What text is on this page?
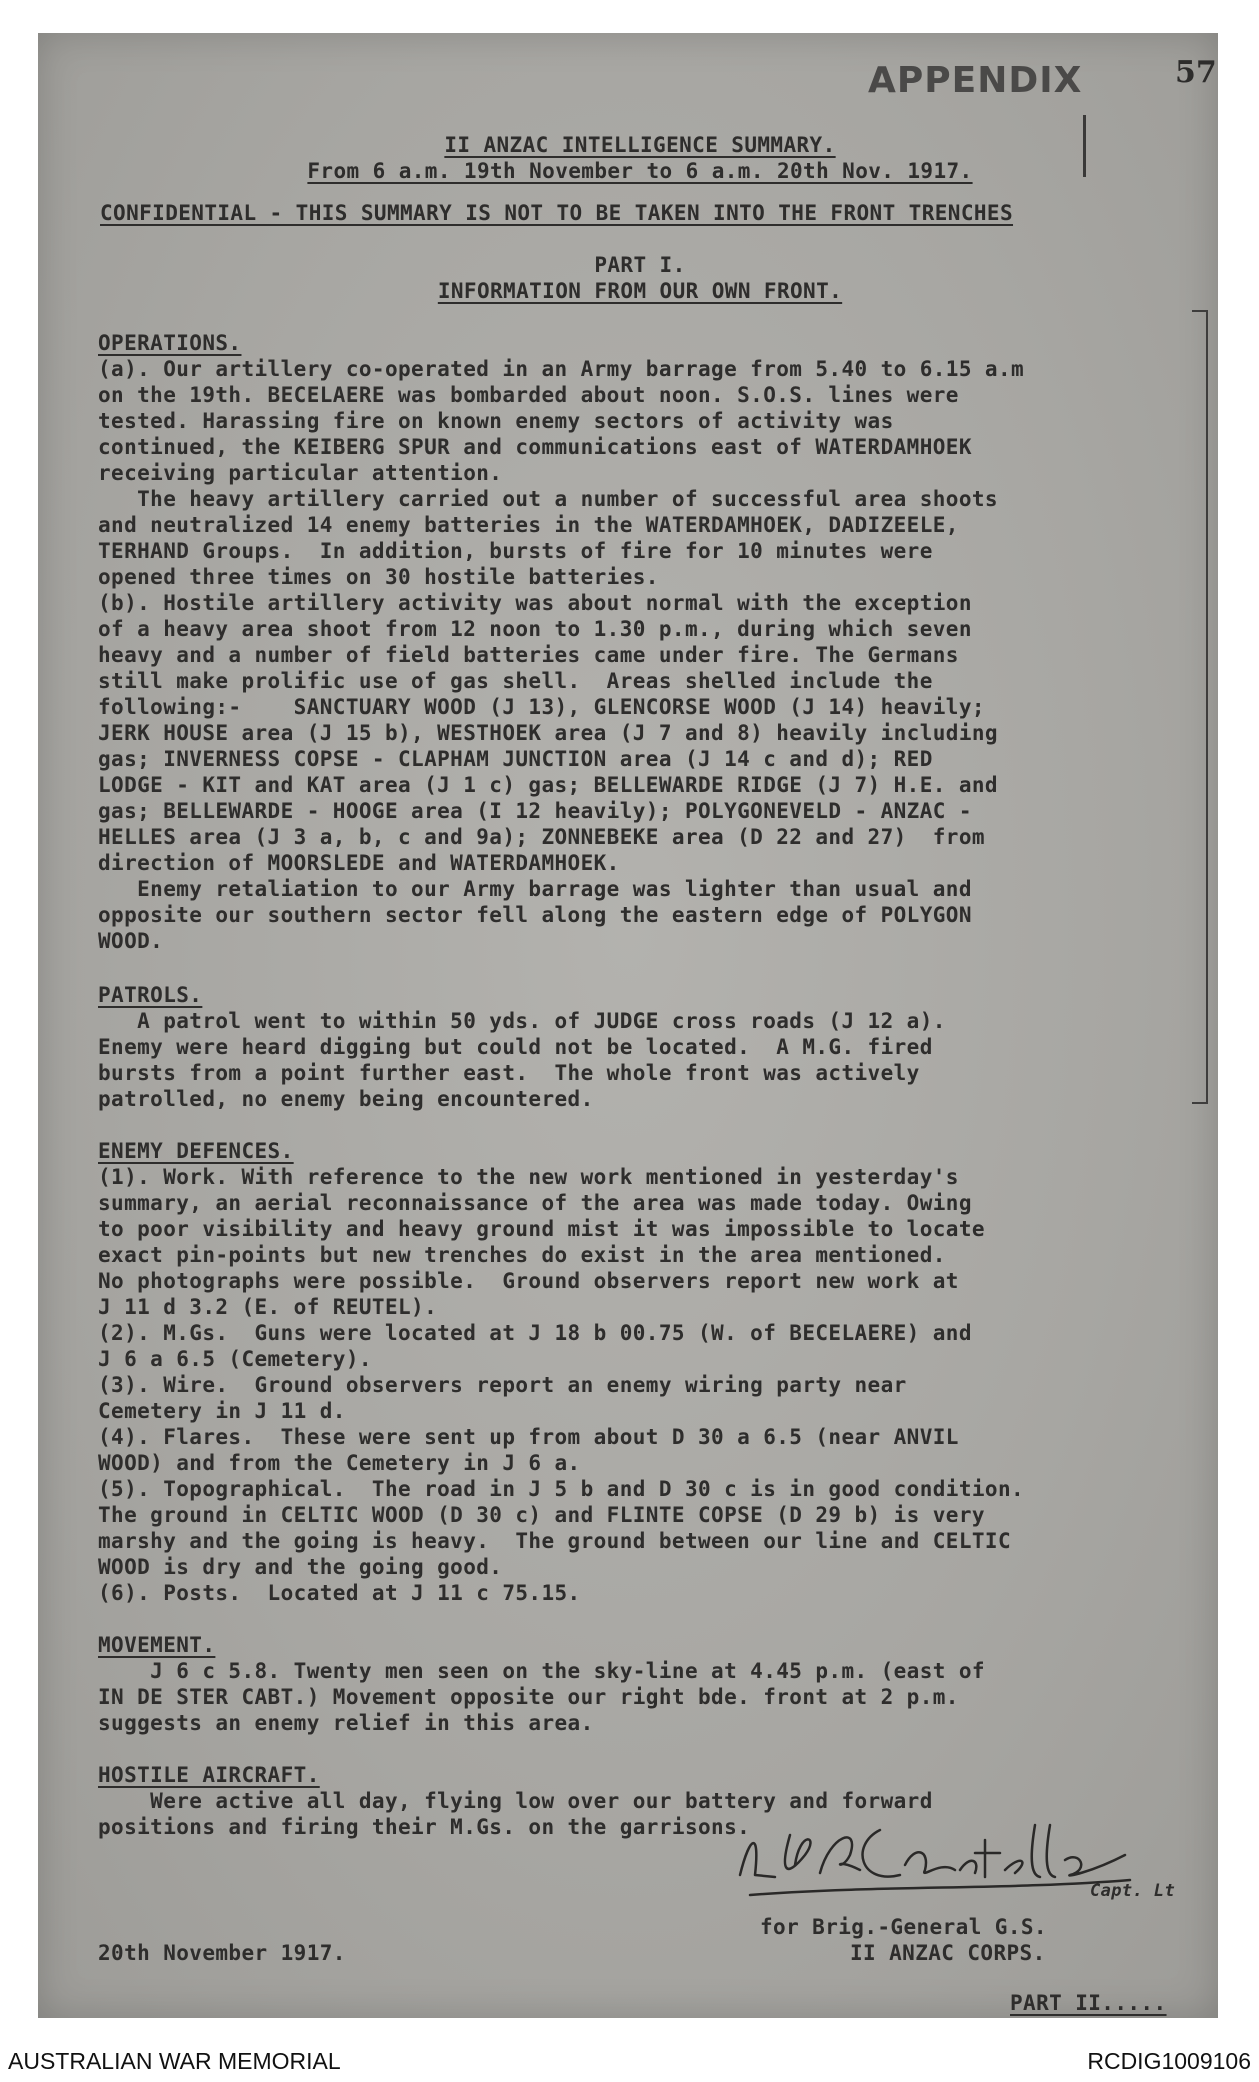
APPENDIX	57
II ANZAC INTELLIGENCE SUMMARY.
From 6 a.m. 19th November to 6 a.m. 20th Nov. 1917.
CONFIDENTIAL - THIS SUMMARY IS NOT TO BE TAKEN INTO THE FRONT TRENCHES
PART I.
INFORMATION FROM OUR OWN FRONT.
OPERATIONS.
(a). Our artillery co-operated in an Army barrage from 5.40 to 6.15 a.m
on the 19th. BECELAERE was bombarded about noon. S.O.S. lines were
tested. Harassing fire on known enemy sectors of activity was
continued, the KEIBERG SPUR and communications east of WATERDAMHOEK
receiving particular attention.
The heavy artillery carried out a number of successful area shoots
and neutralized 14 enemy batteries in the WATERDAMHOEK, DADIZEELE,
TERHAND Groups.  In addition, bursts of fire for 10 minutes were
opened three times on 30 hostile batteries.
(b). Hostile artillery activity was about normal with the exception
of a heavy area shoot from 12 noon to 1.30 p.m., during which seven
heavy and a number of field batteries came under fire. The Germans
still make prolific use of gas shell.  Areas shelled include the
following:-    SANCTUARY WOOD (J 13), GLENCORSE WOOD (J 14) heavily;
JERK HOUSE area (J 15 b), WESTHOEK area (J 7 and 8) heavily including
gas; INVERNESS COPSE - CLAPHAM JUNCTION area (J 14 c and d); RED
LODGE - KIT and KAT area (J 1 c) gas; BELLEWARDE RIDGE (J 7) H.E. and
gas; BELLEWARDE - HOOGE area (I 12 heavily); POLYGONEVELD - ANZAC -
HELLES area (J 3 a, b, c and 9a); ZONNEBEKE area (D 22 and 27)  from
direction of MOORSLEDE and WATERDAMHOEK.
Enemy retaliation to our Army barrage was lighter than usual and
opposite our southern sector fell along the eastern edge of POLYGON
WOOD.
PATROLS.
A patrol went to within 50 yds. of JUDGE cross roads (J 12 a).
Enemy were heard digging but could not be located.  A M.G. fired
bursts from a point further east.  The whole front was actively
patrolled, no enemy being encountered.
ENEMY DEFENCES.
(1). Work. With reference to the new work mentioned in yesterday's
summary, an aerial reconnaissance of the area was made today. Owing
to poor visibility and heavy ground mist it was impossible to locate
exact pin-points but new trenches do exist in the area mentioned.
No photographs were possible.  Ground observers report new work at
J 11 d 3.2 (E. of REUTEL).
(2). M.Gs.  Guns were located at J 18 b 00.75 (W. of BECELAERE) and
J 6 a 6.5 (Cemetery).
(3). Wire.  Ground observers report an enemy wiring party near
Cemetery in J 11 d.
(4). Flares.  These were sent up from about D 30 a 6.5 (near ANVIL
WOOD) and from the Cemetery in J 6 a.
(5). Topographical.  The road in J 5 b and D 30 c is in good condition.
The ground in CELTIC WOOD (D 30 c) and FLINTE COPSE (D 29 b) is very
marshy and the going is heavy.  The ground between our line and CELTIC
WOOD is dry and the going good.
(6). Posts.  Located at J 11 c 75.15.
MOVEMENT.
J 6 c 5.8. Twenty men seen on the sky-line at 4.45 p.m. (east of
IN DE STER CABT.) Movement opposite our right bde. front at 2 p.m.
suggests an enemy relief in this area.
HOSTILE AIRCRAFT.
Were active all day, flying low over our battery and forward
positions and firing their M.Gs. on the garrisons.
Capt. Lt
for Brig.-General G.S.
20th November 1917.	II ANZAC CORPS.
PART II.....
AUSTRALIAN WAR MEMORIAL	RCDIG1009106
